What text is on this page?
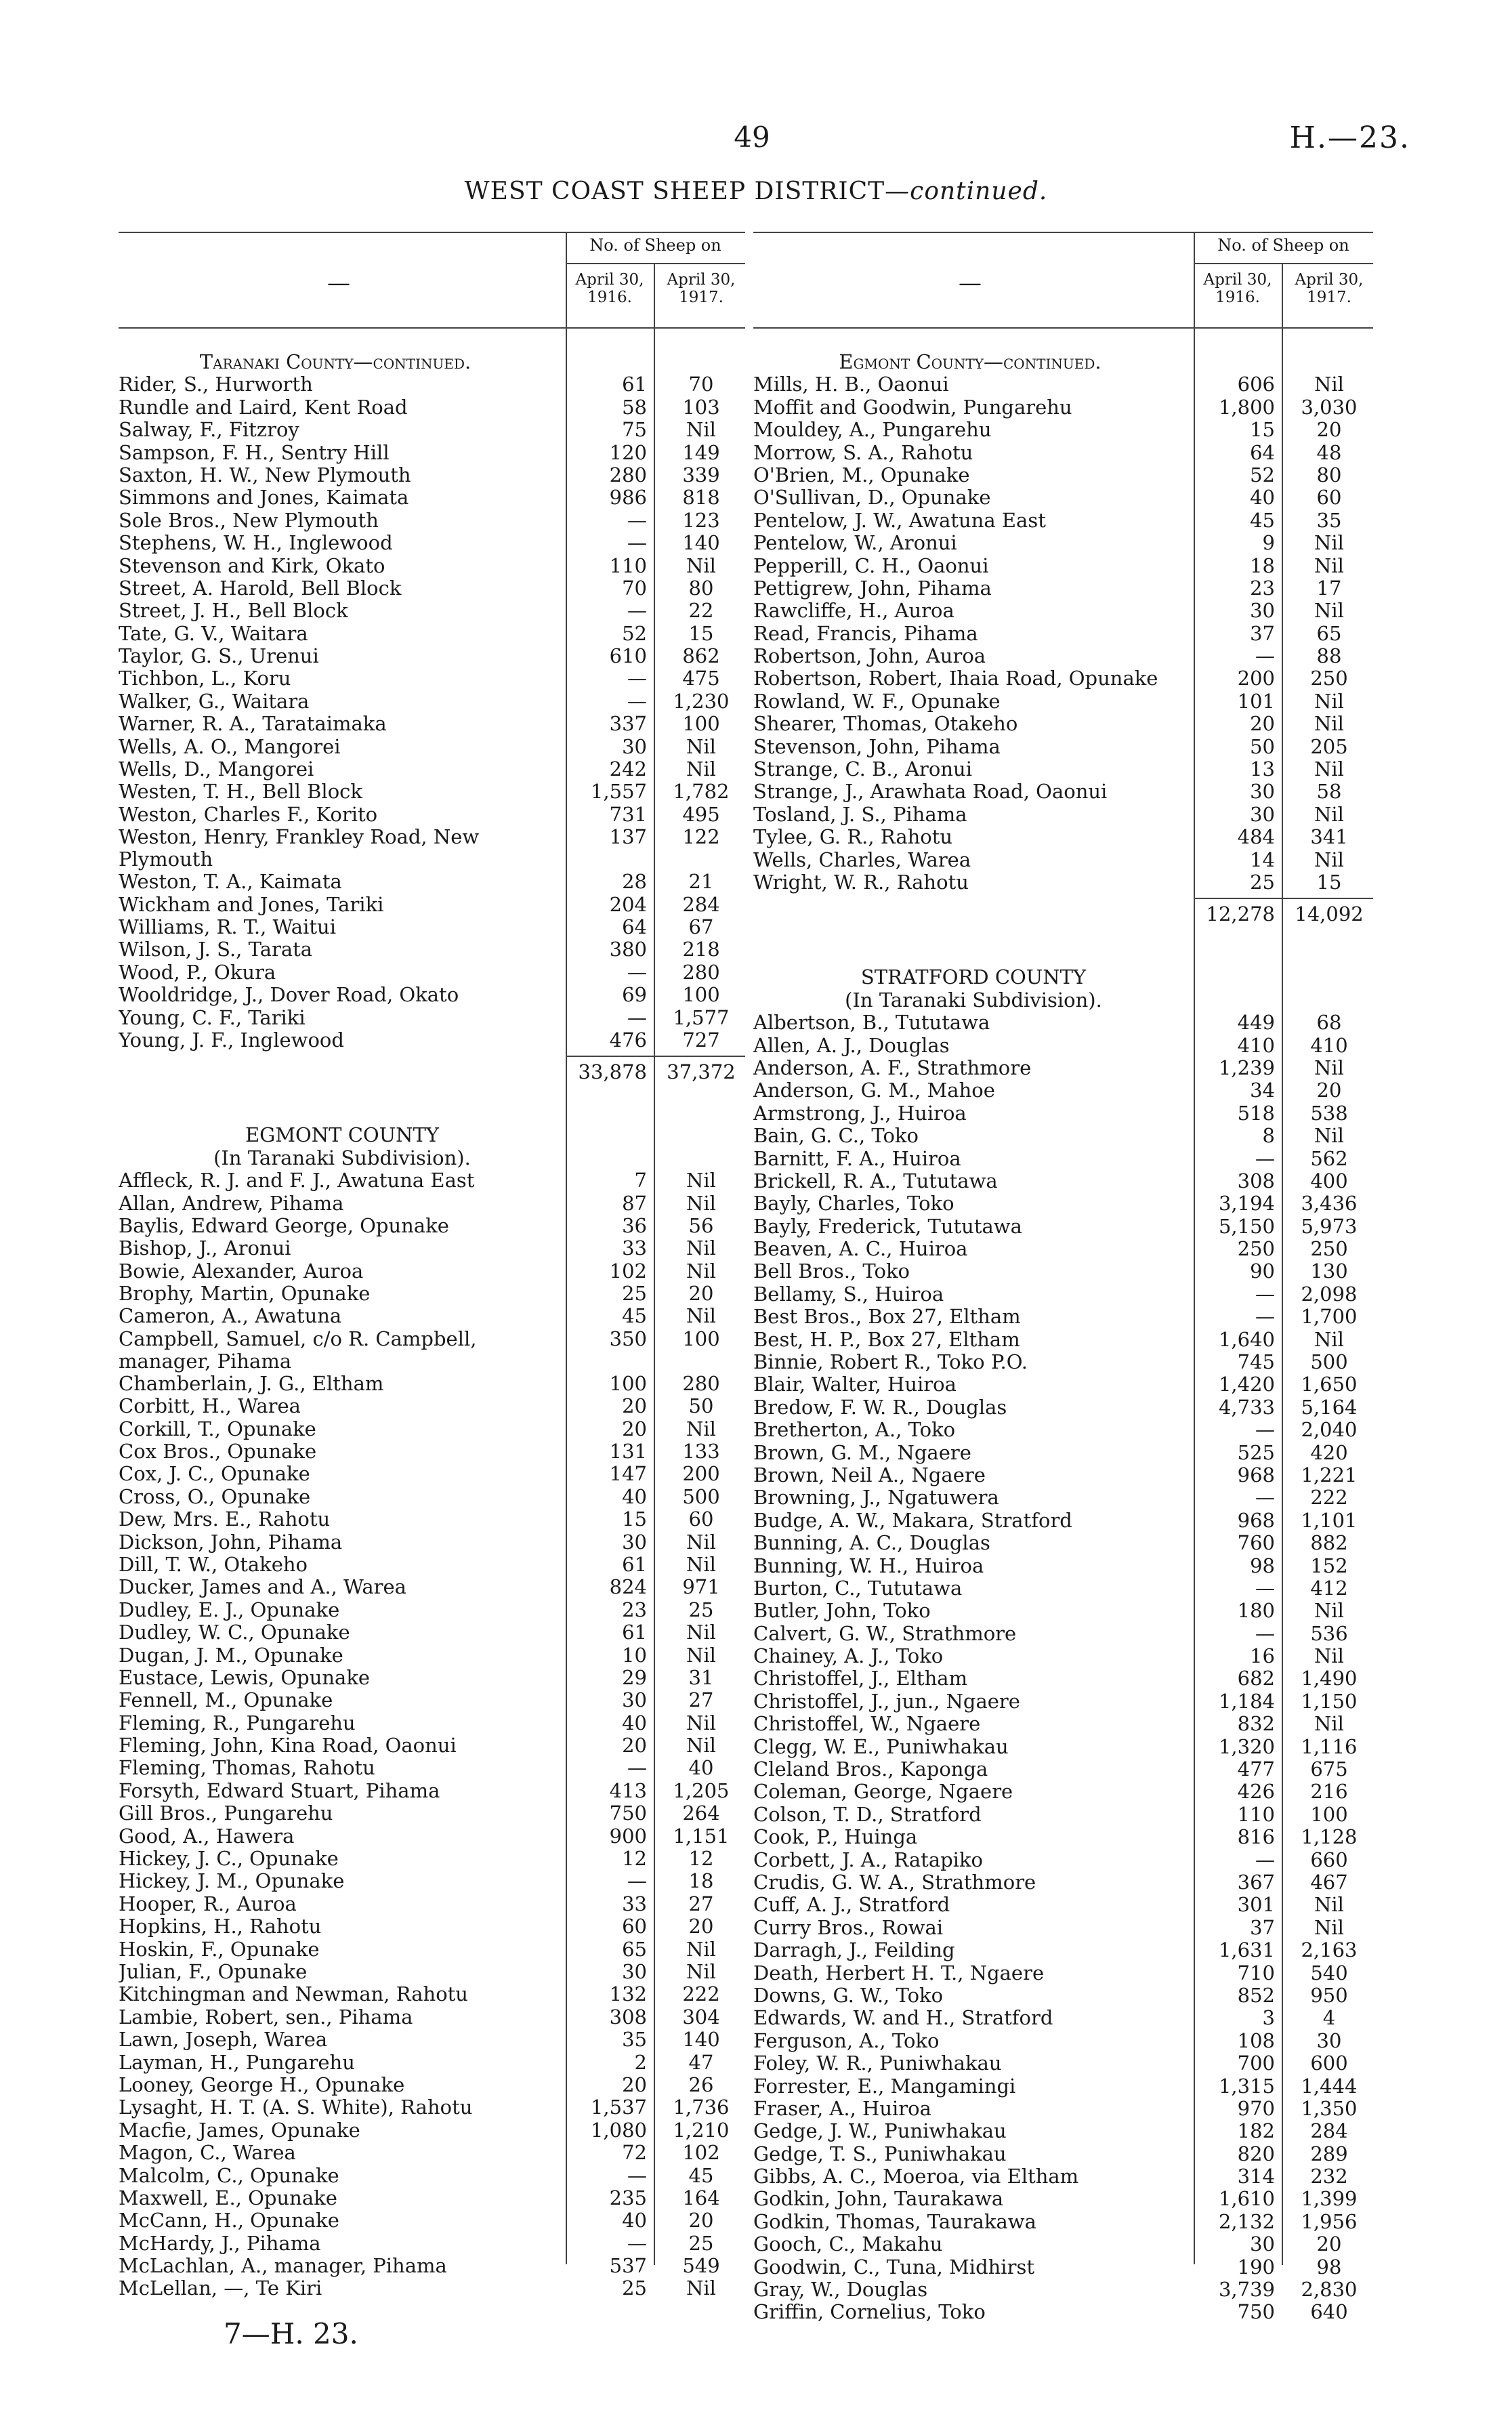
49	H.—23.
WEST COAST SHEEP DISTRICT—continued.
—
No. of Sheep on
April 30, 1916.
April 30, 1917.
Taranaki County—continued.
Rider, S., Hurworth	61	70
Rundle and Laird, Kent Road	58	103
Salway, F., Fitzroy	75	Nil
Sampson, F. H., Sentry Hill	120	149
Saxton, H. W., New Plymouth	280	339
Simmons and Jones, Kaimata	986	818
Sole Bros., New Plymouth	—	123
Stephens, W. H., Inglewood	—	140
Stevenson and Kirk, Okato	110	Nil
Street, A. Harold, Bell Block	70	80
Street, J. H., Bell Block	—	22
Tate, G. V., Waitara	52	15
Taylor, G. S., Urenui	610	862
Tichbon, L., Koru	—	475
Walker, G., Waitara	—	1,230
Warner, R. A., Tarataimaka	337	100
Wells, A. O., Mangorei	30	Nil
Wells, D., Mangorei	242	Nil
Westen, T. H., Bell Block	1,557	1,782
Weston, Charles F., Korito	731	495
Weston, Henry, Frankley Road, New Plymouth
137	122
Weston, T. A., Kaimata	28	21
Wickham and Jones, Tariki	204	284
Williams, R. T., Waitui	64	67
Wilson, J. S., Tarata	380	218
Wood, P., Okura	—	280
Wooldridge, J., Dover Road, Okato	69	100
Young, C. F., Tariki	—	1,577
Young, J. F., Inglewood	476	727
33,878	37,372
EGMONT COUNTY
(In Taranaki Subdivision).
Affleck, R. J. and F. J., Awatuna East	7	Nil
Allan, Andrew, Pihama	87	Nil
Baylis, Edward George, Opunake	36	56
Bishop, J., Aronui	33	Nil
Bowie, Alexander, Auroa	102	Nil
Brophy, Martin, Opunake	25	20
Cameron, A., Awatuna	45	Nil
Campbell, Samuel, c/o R. Campbell, manager, Pihama
350	100
Chamberlain, J. G., Eltham	100	280
Corbitt, H., Warea	20	50
Corkill, T., Opunake	20	Nil
Cox Bros., Opunake	131	133
Cox, J. C., Opunake	147	200
Cross, O., Opunake	40	500
Dew, Mrs. E., Rahotu	15	60
Dickson, John, Pihama	30	Nil
Dill, T. W., Otakeho	61	Nil
Ducker, James and A., Warea	824	971
Dudley, E. J., Opunake	23	25
Dudley, W. C., Opunake	61	Nil
Dugan, J. M., Opunake	10	Nil
Eustace, Lewis, Opunake	29	31
Fennell, M., Opunake	30	27
Fleming, R., Pungarehu	40	Nil
Fleming, John, Kina Road, Oaonui	20	Nil
Fleming, Thomas, Rahotu	—	40
Forsyth, Edward Stuart, Pihama	413	1,205
Gill Bros., Pungarehu	750	264
Good, A., Hawera	900	1,151
Hickey, J. C., Opunake	12	12
Hickey, J. M., Opunake	—	18
Hooper, R., Auroa	33	27
Hopkins, H., Rahotu	60	20
Hoskin, F., Opunake	65	Nil
Julian, F., Opunake	30	Nil
Kitchingman and Newman, Rahotu	132	222
Lambie, Robert, sen., Pihama	308	304
Lawn, Joseph, Warea	35	140
Layman, H., Pungarehu	2	47
Looney, George H., Opunake	20	26
Lysaght, H. T. (A. S. White), Rahotu	1,537	1,736
Macfie, James, Opunake	1,080	1,210
Magon, C., Warea	72	102
Malcolm, C., Opunake	—	45
Maxwell, E., Opunake	235	164
McCann, H., Opunake	40	20
McHardy, J., Pihama	—	25
McLachlan, A., manager, Pihama	537	549
McLellan, —, Te Kiri	25	Nil
—
No. of Sheep on
April 30, 1916.
April 30, 1917.
Egmont County—continued.
Mills, H. B., Oaonui	606	Nil
Moffit and Goodwin, Pungarehu	1,800	3,030
Mouldey, A., Pungarehu	15	20
Morrow, S. A., Rahotu	64	48
O'Brien, M., Opunake	52	80
O'Sullivan, D., Opunake	40	60
Pentelow, J. W., Awatuna East	45	35
Pentelow, W., Aronui	9	Nil
Pepperill, C. H., Oaonui	18	Nil
Pettigrew, John, Pihama	23	17
Rawcliffe, H., Auroa	30	Nil
Read, Francis, Pihama	37	65
Robertson, John, Auroa	—	88
Robertson, Robert, Ihaia Road, Opunake	200	250
Rowland, W. F., Opunake	101	Nil
Shearer, Thomas, Otakeho	20	Nil
Stevenson, John, Pihama	50	205
Strange, C. B., Aronui	13	Nil
Strange, J., Arawhata Road, Oaonui	30	58
Tosland, J. S., Pihama	30	Nil
Tylee, G. R., Rahotu	484	341
Wells, Charles, Warea	14	Nil
Wright, W. R., Rahotu	25	15
12,278	14,092
STRATFORD COUNTY
(In Taranaki Subdivision).
Albertson, B., Tututawa	449	68
Allen, A. J., Douglas	410	410
Anderson, A. F., Strathmore	1,239	Nil
Anderson, G. M., Mahoe	34	20
Armstrong, J., Huiroa	518	538
Bain, G. C., Toko	8	Nil
Barnitt, F. A., Huiroa	—	562
Brickell, R. A., Tututawa	308	400
Bayly, Charles, Toko	3,194	3,436
Bayly, Frederick, Tututawa	5,150	5,973
Beaven, A. C., Huiroa	250	250
Bell Bros., Toko	90	130
Bellamy, S., Huiroa	—	2,098
Best Bros., Box 27, Eltham	—	1,700
Best, H. P., Box 27, Eltham	1,640	Nil
Binnie, Robert R., Toko P.O.	745	500
Blair, Walter, Huiroa	1,420	1,650
Bredow, F. W. R., Douglas	4,733	5,164
Bretherton, A., Toko	—	2,040
Brown, G. M., Ngaere	525	420
Brown, Neil A., Ngaere	968	1,221
Browning, J., Ngatuwera	—	222
Budge, A. W., Makara, Stratford	968	1,101
Bunning, A. C., Douglas	760	882
Bunning, W. H., Huiroa	98	152
Burton, C., Tututawa	—	412
Butler, John, Toko	180	Nil
Calvert, G. W., Strathmore	—	536
Chainey, A. J., Toko	16	Nil
Christoffel, J., Eltham	682	1,490
Christoffel, J., jun., Ngaere	1,184	1,150
Christoffel, W., Ngaere	832	Nil
Clegg, W. E., Puniwhakau	1,320	1,116
Cleland Bros., Kaponga	477	675
Coleman, George, Ngaere	426	216
Colson, T. D., Stratford	110	100
Cook, P., Huinga	816	1,128
Corbett, J. A., Ratapiko	—	660
Crudis, G. W. A., Strathmore	367	467
Cuff, A. J., Stratford	301	Nil
Curry Bros., Rowai	37	Nil
Darragh, J., Feilding	1,631	2,163
Death, Herbert H. T., Ngaere	710	540
Downs, G. W., Toko	852	950
Edwards, W. and H., Stratford	3	4
Ferguson, A., Toko	108	30
Foley, W. R., Puniwhakau	700	600
Forrester, E., Mangamingi	1,315	1,444
Fraser, A., Huiroa	970	1,350
Gedge, J. W., Puniwhakau	182	284
Gedge, T. S., Puniwhakau	820	289
Gibbs, A. C., Moeroa, via Eltham	314	232
Godkin, John, Taurakawa	1,610	1,399
Godkin, Thomas, Taurakawa	2,132	1,956
Gooch, C., Makahu	30	20
Goodwin, C., Tuna, Midhirst	190	98
Gray, W., Douglas	3,739	2,830
Griffin, Cornelius, Toko	750	640
7—H. 23.
